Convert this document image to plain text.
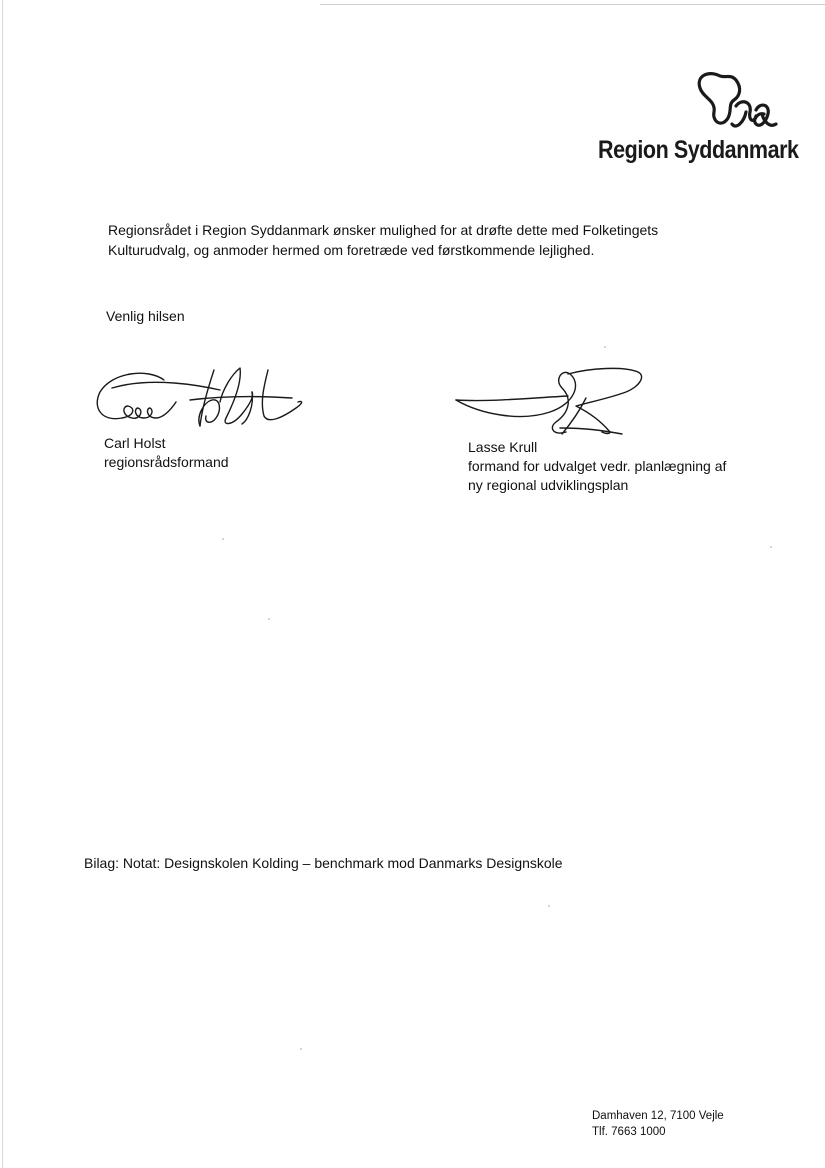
Region Syddanmark

Regionsrådet i Region Syddanmark ønsker mulighed for at drøfte dette med Folketingets

Kulturudvalg, og anmoder hermed om foretræde ved førstkommende lejlighed.

Venlig hilsen
Carl Holst
regionsrådsformand
Lasse Krull
formand for udvalget vedr. planlægning af
ny regional udviklingsplan
Bilag: Notat: Designskolen Kolding – benchmark mod Danmarks Designskole
Damhaven 12, 7100 Vejle
Tlf. 7663 1000
